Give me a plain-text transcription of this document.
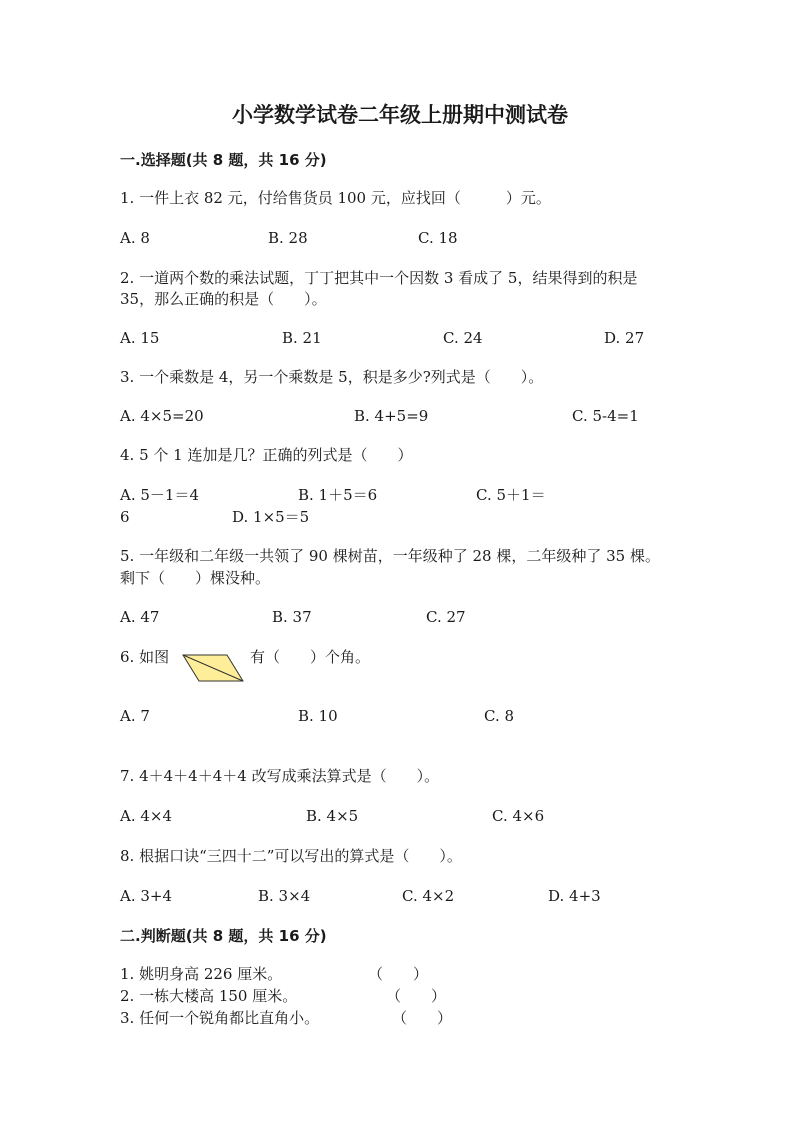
小学数学试卷二年级上册期中测试卷
一.选择题(共 8 题，共 16 分)
1. 一件上衣 82 元，付给售货员 100 元，应找回（　　　）元。
A. 8	B. 28	C. 18
2. 一道两个数的乘法试题，丁丁把其中一个因数 3 看成了 5，结果得到的积是
35，那么正确的积是（　　）。
A. 15	B. 21	C. 24	D. 27
3. 一个乘数是 4，另一个乘数是 5，积是多少?列式是（　　）。
A. 4×5=20	B. 4+5=9	C. 5-4=1
4. 5 个 1 连加是几？正确的列式是（　　）
A. 5－1＝4	B. 1＋5＝6	C. 5＋1＝
6	D. 1×5＝5
5. 一年级和二年级一共领了 90 棵树苗，一年级种了 28 棵，二年级种了 35 棵。
剩下（　　）棵没种。
A. 47	B. 37	C. 27
6. 如图	有（　　）个角。
A. 7	B. 10	C. 8
7. 4＋4＋4＋4＋4 改写成乘法算式是（　　）。
A. 4×4	B. 4×5	C. 4×6
8. 根据口诀“三四十二”可以写出的算式是（　　）。
A. 3+4	B. 3×4	C. 4×2	D. 4+3
二.判断题(共 8 题，共 16 分)
1. 姚明身高 226 厘米。	（　　）
2. 一栋大楼高 150 厘米。	（　　）
3. 任何一个锐角都比直角小。	（　　）
